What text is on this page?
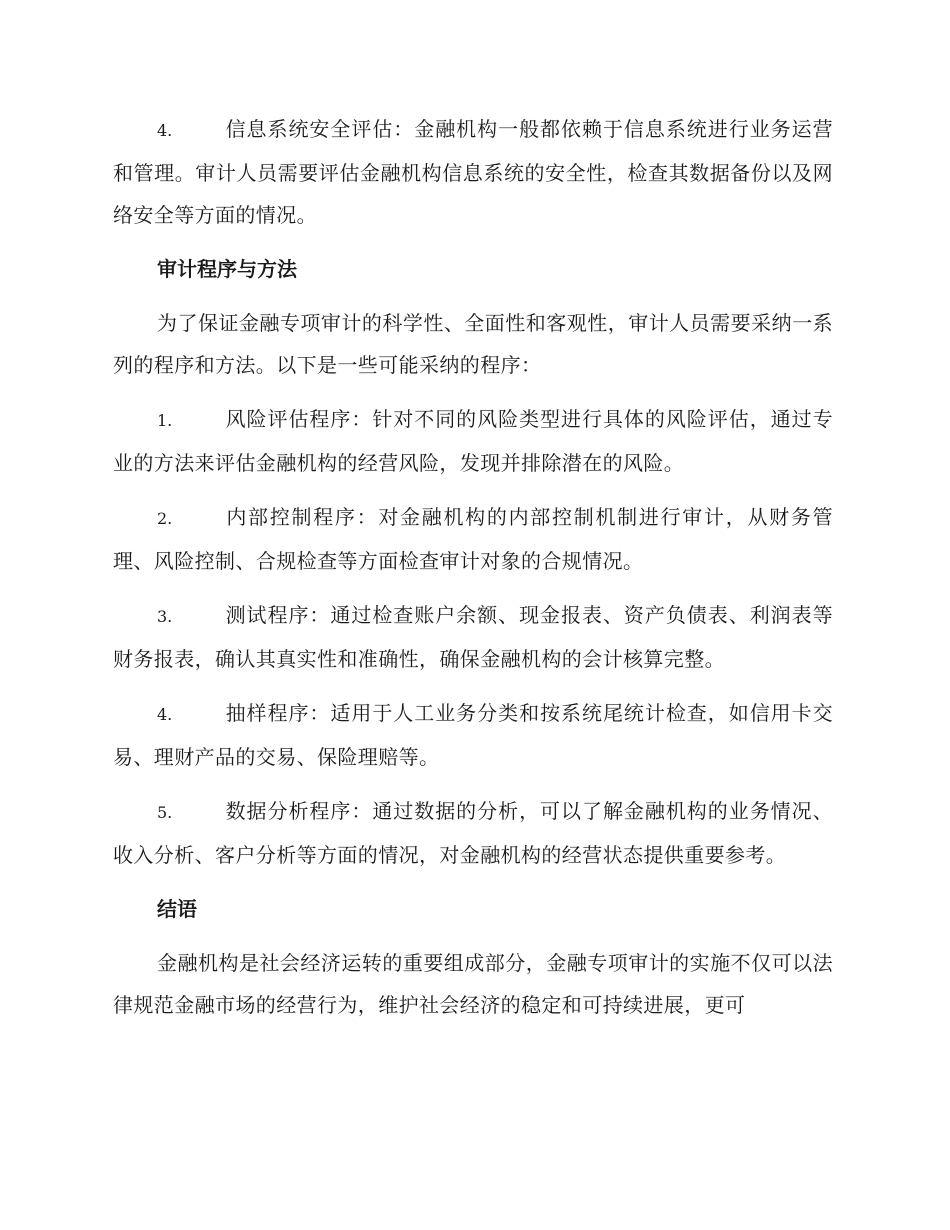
4.	信息系统安全评估：金融机构一般都依赖于信息系统进行业务运营和管理。审计人员需要评估金融机构信息系统的安全性，检查其数据备份以及网络安全等方面的情况。

审计程序与方法

为了保证金融专项审计的科学性、全面性和客观性，审计人员需要采纳一系列的程序和方法。以下是一些可能采纳的程序：

1.	风险评估程序：针对不同的风险类型进行具体的风险评估，通过专业的方法来评估金融机构的经营风险，发现并排除潜在的风险。

2.	内部控制程序：对金融机构的内部控制机制进行审计，从财务管理、风险控制、合规检查等方面检查审计对象的合规情况。

3.	测试程序：通过检查账户余额、现金报表、资产负债表、利润表等财务报表，确认其真实性和准确性，确保金融机构的会计核算完整。

4.	抽样程序：适用于人工业务分类和按系统尾统计检查，如信用卡交易、理财产品的交易、保险理赔等。

5.	数据分析程序：通过数据的分析，可以了解金融机构的业务情况、收入分析、客户分析等方面的情况，对金融机构的经营状态提供重要参考。

结语

金融机构是社会经济运转的重要组成部分，金融专项审计的实施不仅可以法律规范金融市场的经营行为，维护社会经济的稳定和可持续进展，更可
